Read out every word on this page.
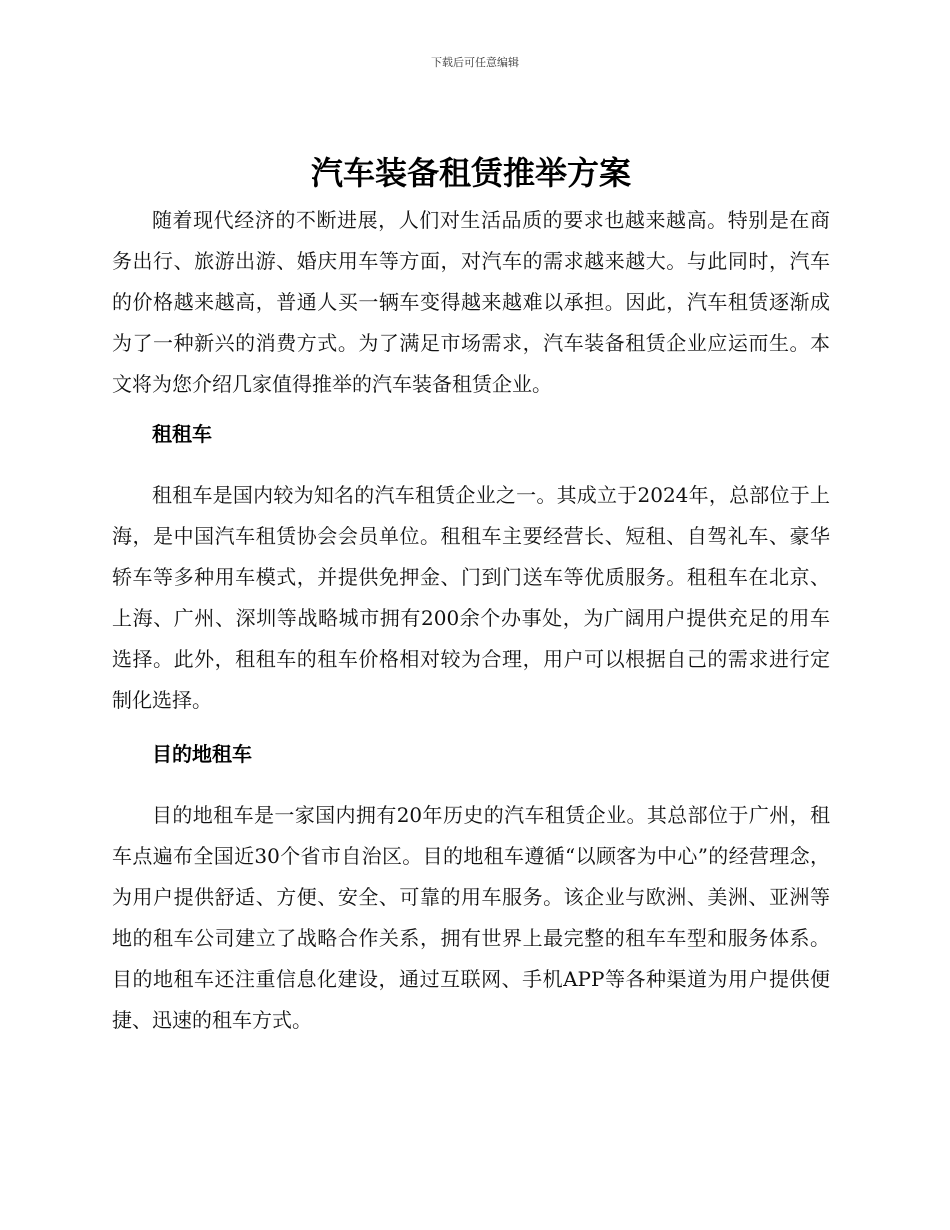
下载后可任意编辑
汽车装备租赁推举方案

随着现代经济的不断进展，人们对生活品质的要求也越来越高。特别是在商务出行、旅游出游、婚庆用车等方面，对汽车的需求越来越大。与此同时，汽车的价格越来越高，普通人买一辆车变得越来越难以承担。因此，汽车租赁逐渐成为了一种新兴的消费方式。为了满足市场需求，汽车装备租赁企业应运而生。本文将为您介绍几家值得推举的汽车装备租赁企业。

租租车

租租车是国内较为知名的汽车租赁企业之一。其成立于2024年，总部位于上海，是中国汽车租赁协会会员单位。租租车主要经营长、短租、自驾礼车、豪华轿车等多种用车模式，并提供免押金、门到门送车等优质服务。租租车在北京、上海、广州、深圳等战略城市拥有200余个办事处，为广阔用户提供充足的用车选择。此外，租租车的租车价格相对较为合理，用户可以根据自己的需求进行定制化选择。

目的地租车

目的地租车是一家国内拥有20年历史的汽车租赁企业。其总部位于广州，租车点遍布全国近30个省市自治区。目的地租车遵循“以顾客为中心”的经营理念，为用户提供舒适、方便、安全、可靠的用车服务。该企业与欧洲、美洲、亚洲等地的租车公司建立了战略合作关系，拥有世界上最完整的租车车型和服务体系。目的地租车还注重信息化建设，通过互联网、手机APP等各种渠道为用户提供便捷、迅速的租车方式。
